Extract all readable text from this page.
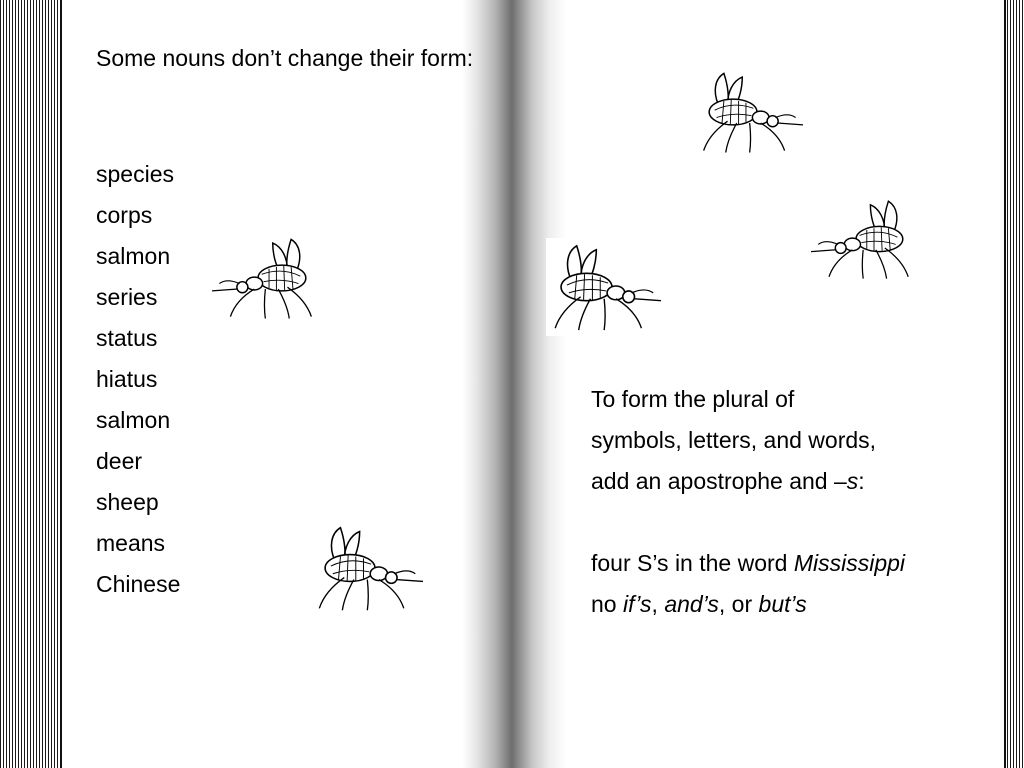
Some nouns don’t change their form:
species
corps
salmon
series
status
hiatus
salmon
deer
sheep
means
Chinese

To form the plural of

symbols, letters, and words,

add an apostrophe and –s:

four S’s in the word Mississippi

no if’s, and’s, or but’s
